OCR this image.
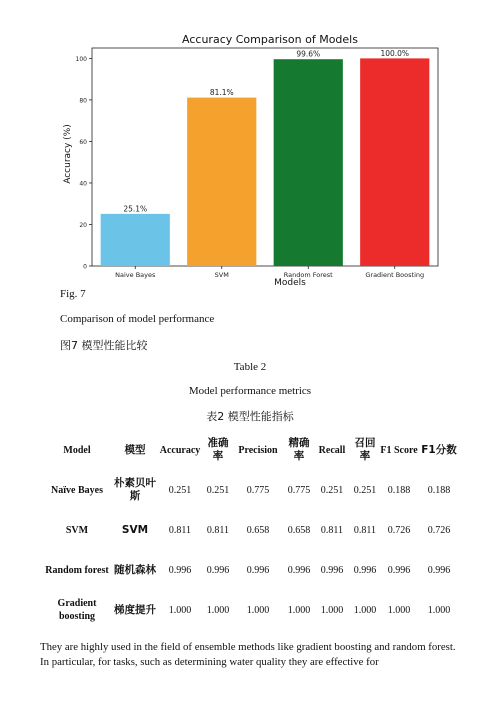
Accuracy Comparison of Models
Accuracy (%)
Models
0
20
40
60
80
100
25.1%
Naive Bayes
81.1%
SVM
99.6%
Random Forest
100.0%
Gradient Boosting
Fig. 7
Comparison of model performance
图7 模型性能比较
Table 2
Model performance metrics
表2 模型性能指标
Model	模型	Accuracy	准确率	Precision	精确率	Recall	召回率	F1 Score	F1分数
Naïve Bayes	朴素贝叶斯	0.251	0.251	0.775	0.775	0.251	0.251	0.188	0.188
SVM	SVM	0.811	0.811	0.658	0.658	0.811	0.811	0.726	0.726
Random forest	随机森林	0.996	0.996	0.996	0.996	0.996	0.996	0.996	0.996
Gradient boosting	梯度提升	1.000	1.000	1.000	1.000	1.000	1.000	1.000	1.000
They are highly used in the field of ensemble methods like gradient boosting and random forest. In particular, for tasks, such as determining water quality they are effective for
